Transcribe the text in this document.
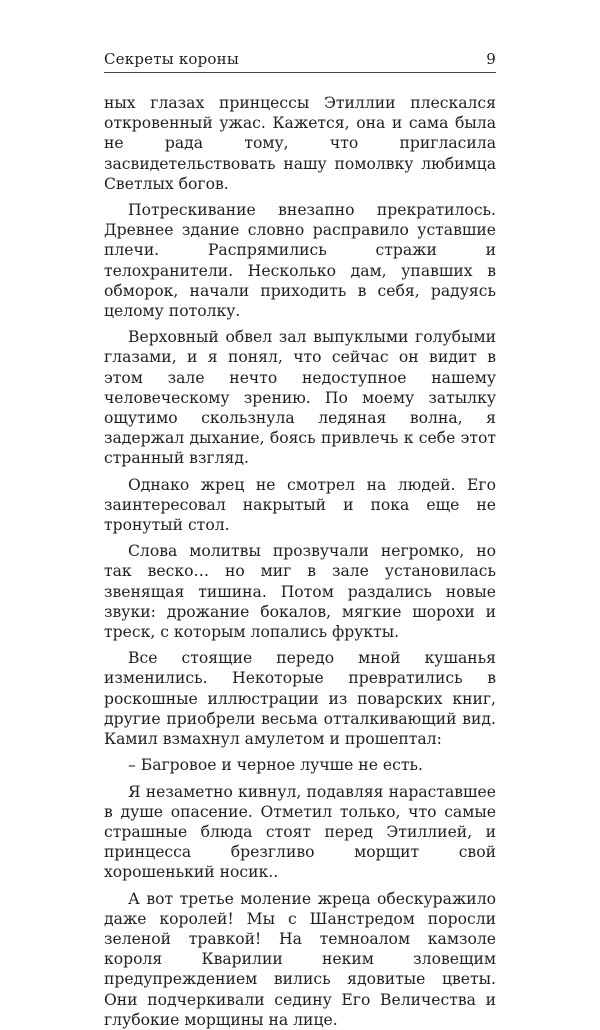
Секреты короны	9

ных глазах принцессы Этиллии плескался откровенный ужас. Кажется, она и сама была не рада тому, что пригласила засвидетельствовать нашу помолвку любимца Светлых богов.

Потрескивание внезапно прекратилось. Древнее здание словно расправило уставшие плечи. Распрямились стражи и телохранители. Несколько дам, упавших в обморок, начали приходить в себя, радуясь целому потолку.

Верховный обвел зал выпуклыми голубыми глазами, и я понял, что сейчас он видит в этом зале нечто недоступное нашему человеческому зрению. По моему затылку ощутимо скользнула ледяная волна, я задержал дыхание, боясь привлечь к себе этот странный взгляд.

Однако жрец не смотрел на людей. Его заинтересовал накрытый и пока еще не тронутый стол.

Слова молитвы прозвучали негромко, но так веско… но миг в зале установилась звенящая тишина. Потом раздались новые звуки: дрожание бокалов, мягкие шорохи и треск, с которым лопались фрукты.

Все стоящие передо мной кушанья изменились. Некоторые превратились в роскошные иллюстрации из поварских книг, другие приобрели весьма отталкивающий вид. Камил взмахнул амулетом и прошептал:

– Багровое и черное лучше не есть.

Я незаметно кивнул, подавляя нараставшее в душе опасение. Отметил только, что самые страшные блюда стоят перед Этиллией, и принцесса брезгливо морщит свой хорошенький носик..

А вот третье моление жреца обескуражило даже королей! Мы с Шанстредом поросли зеленой травкой! На темноалом камзоле короля Кварилии неким зловещим предупреждением вились ядовитые цветы. Они подчеркивали седину Его Величества и глубокие морщины на лице.
